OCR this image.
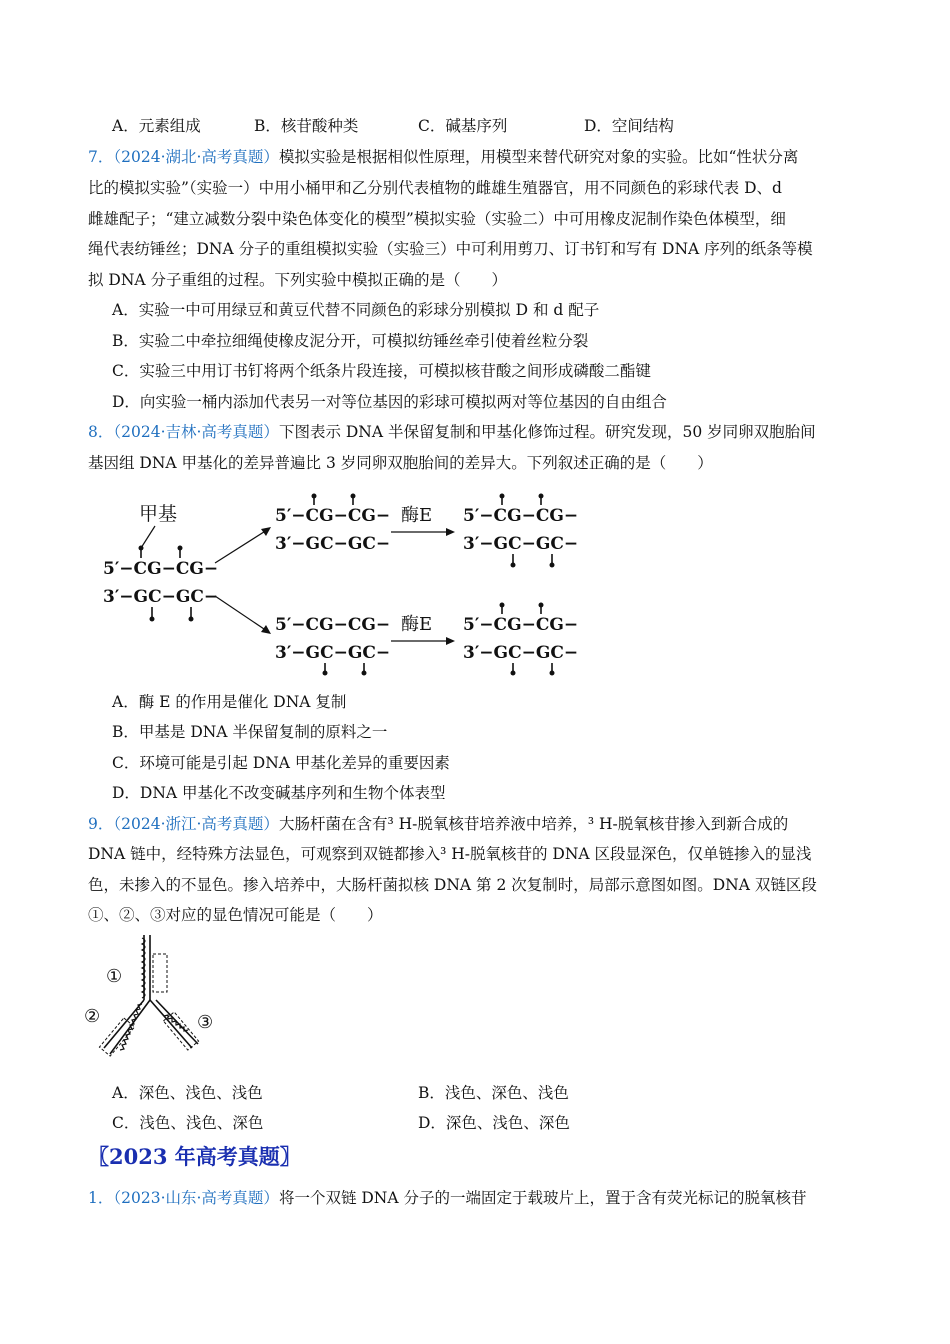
A．元素组成	B．核苷酸种类	C．碱基序列	D．空间结构
7．（2024·湖北·高考真题）模拟实验是根据相似性原理，用模型来替代研究对象的实验。比如“性状分离
比的模拟实验”（实验一）中用小桶甲和乙分别代表植物的雌雄生殖器官，用不同颜色的彩球代表 D、d
雌雄配子；“建立减数分裂中染色体变化的模型”模拟实验（实验二）中可用橡皮泥制作染色体模型，细
绳代表纺锤丝；DNA 分子的重组模拟实验（实验三）中可利用剪刀、订书钉和写有 DNA 序列的纸条等模
拟 DNA 分子重组的过程。下列实验中模拟正确的是（　　）
A．实验一中可用绿豆和黄豆代替不同颜色的彩球分别模拟 D 和 d 配子
B．实验二中牵拉细绳使橡皮泥分开，可模拟纺锤丝牵引使着丝粒分裂
C．实验三中用订书钉将两个纸条片段连接，可模拟核苷酸之间形成磷酸二酯键
D．向实验一桶内添加代表另一对等位基因的彩球可模拟两对等位基因的自由组合
8．（2024·吉林·高考真题）下图表示 DNA 半保留复制和甲基化修饰过程。研究发现，50 岁同卵双胞胎间
基因组 DNA 甲基化的差异普遍比 3 岁同卵双胞胎间的差异大。下列叙述正确的是（　　）
甲基
5′−CG−CG−
3′−GC−GC−
5′−CG−CG−
3′−GC−GC−
酶E 5′−CG−CG−
3′−GC−GC−
5′−CG−CG−
3′−GC−GC−
酶E 5′−CG−CG−
3′−GC−GC−
A．酶 E 的作用是催化 DNA 复制
B．甲基是 DNA 半保留复制的原料之一
C．环境可能是引起 DNA 甲基化差异的重要因素
D．DNA 甲基化不改变碱基序列和生物个体表型
9．（2024·浙江·高考真题）大肠杆菌在含有³ H-脱氧核苷培养液中培养，³ H-脱氧核苷掺入到新合成的
DNA 链中，经特殊方法显色，可观察到双链都掺入³ H-脱氧核苷的 DNA 区段显深色，仅单链掺入的显浅
色，未掺入的不显色。掺入培养中，大肠杆菌拟核 DNA 第 2 次复制时，局部示意图如图。DNA 双链区段
①、②、③对应的显色情况可能是（　　）
①
②	③
A．深色、浅色、浅色	B．浅色、深色、浅色
C．浅色、浅色、深色	D．深色、浅色、深色
〖2023 年高考真题〗
1．（2023·山东·高考真题）将一个双链 DNA 分子的一端固定于载玻片上，置于含有荧光标记的脱氧核苷
